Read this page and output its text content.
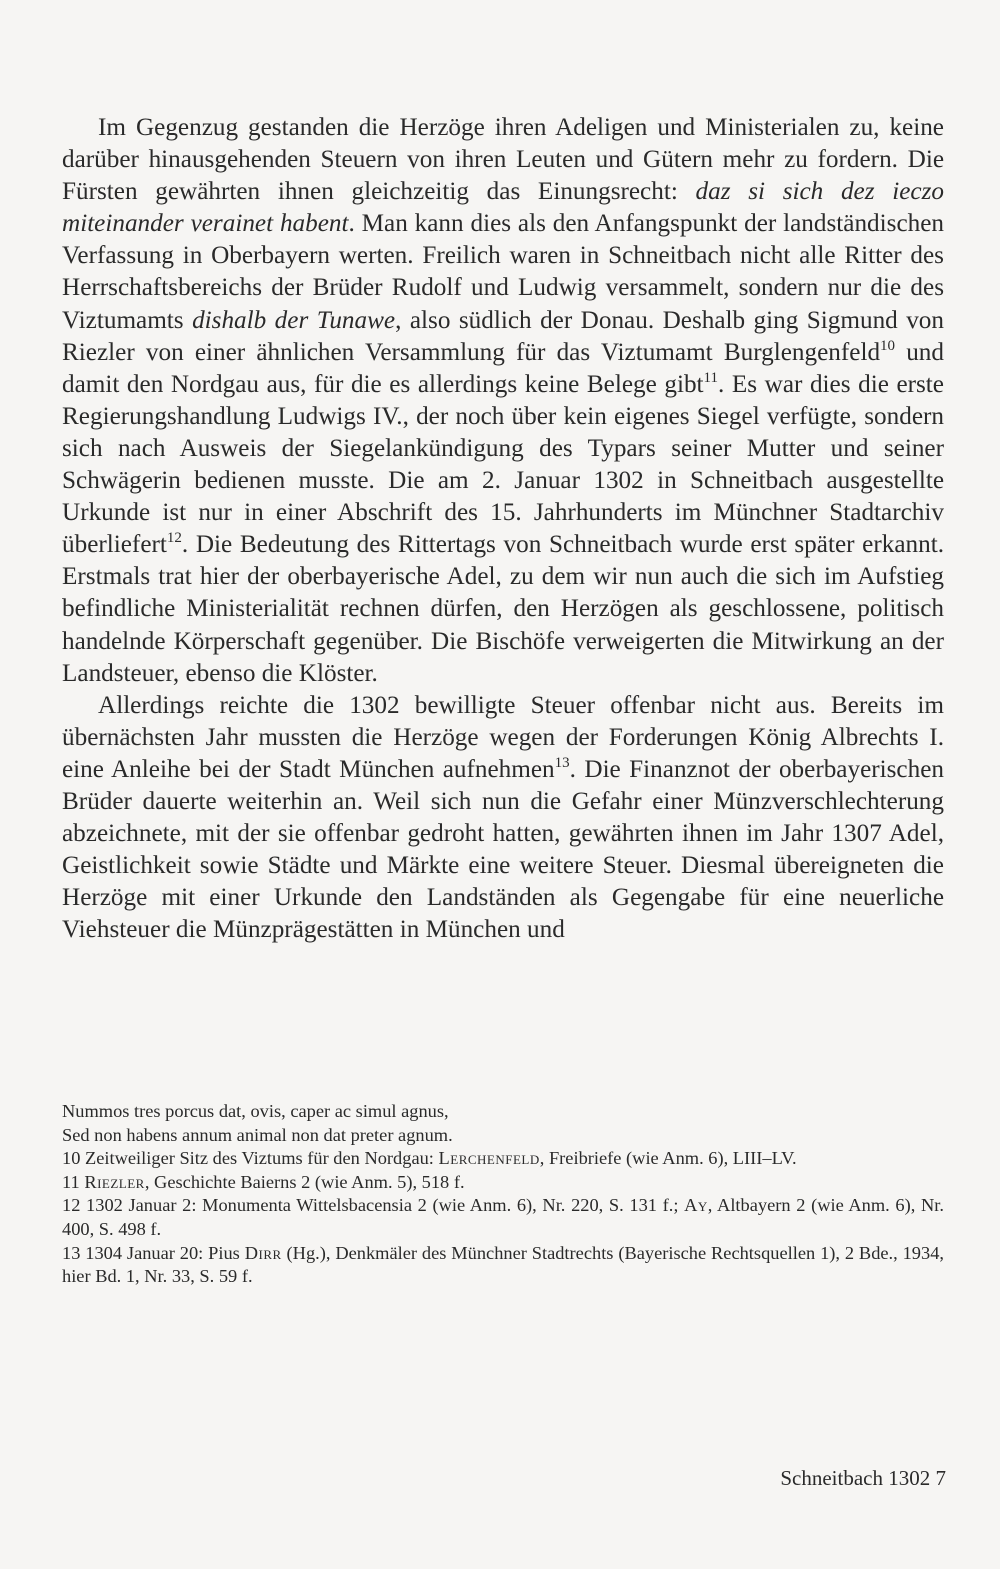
Im Gegenzug gestanden die Herzöge ihren Adeligen und Ministerialen zu, keine darüber hinausgehenden Steuern von ihren Leuten und Gütern mehr zu fordern. Die Fürsten gewährten ihnen gleichzeitig das Einungsrecht: daz si sich dez ieczo miteinander verainet habent. Man kann dies als den Anfangspunkt der landständischen Verfassung in Oberbayern werten. Freilich waren in Schneitbach nicht alle Ritter des Herrschaftsbereichs der Brüder Rudolf und Ludwig versammelt, sondern nur die des Viztumamts dishalb der Tunawe, also südlich der Donau. Deshalb ging Sigmund von Riezler von einer ähnlichen Versammlung für das Viztumamt Burglengenfeld$^{10}$ und damit den Nordgau aus, für die es allerdings keine Belege gibt$^{11}$. Es war dies die erste Regierungshandlung Ludwigs IV., der noch über kein eigenes Siegel verfügte, sondern sich nach Ausweis der Siegelankündigung des Typars seiner Mutter und seiner Schwägerin bedienen musste. Die am 2. Januar 1302 in Schneitbach ausgestellte Urkunde ist nur in einer Abschrift des 15. Jahrhunderts im Münchner Stadtarchiv überliefert$^{12}$. Die Bedeutung des Rittertags von Schneitbach wurde erst später erkannt. Erstmals trat hier der oberbayerische Adel, zu dem wir nun auch die sich im Aufstieg befindliche Ministerialität rechnen dürfen, den Herzögen als geschlossene, politisch handelnde Körperschaft gegenüber. Die Bischöfe verweigerten die Mitwirkung an der Landsteuer, ebenso die Klöster.

Allerdings reichte die 1302 bewilligte Steuer offenbar nicht aus. Bereits im übernächsten Jahr mussten die Herzöge wegen der Forderungen König Albrechts I. eine Anleihe bei der Stadt München aufnehmen$^{13}$. Die Finanznot der oberbayerischen Brüder dauerte weiterhin an. Weil sich nun die Gefahr einer Münzverschlechterung abzeichnete, mit der sie offenbar gedroht hatten, gewährten ihnen im Jahr 1307 Adel, Geistlichkeit sowie Städte und Märkte eine weitere Steuer. Diesmal übereigneten die Herzöge mit einer Urkunde den Landständen als Gegengabe für eine neuerliche Viehsteuer die Münzprägestätten in München und

Nummos tres porcus dat, ovis, caper ac simul agnus,

Sed non habens annum animal non dat preter agnum.

10 Zeitweiliger Sitz des Viztums für den Nordgau: Lerchenfeld, Freibriefe (wie Anm. 6), LIII–LV.

11 Riezler, Geschichte Baierns 2 (wie Anm. 5), 518 f.

12 1302 Januar 2: Monumenta Wittelsbacensia 2 (wie Anm. 6), Nr. 220, S. 131 f.; Ay, Altbayern 2 (wie Anm. 6), Nr. 400, S. 498 f.

13 1304 Januar 20: Pius Dirr (Hg.), Denkmäler des Münchner Stadtrechts (Bayerische Rechtsquellen 1), 2 Bde., 1934, hier Bd. 1, Nr. 33, S. 59 f.

Schneitbach 1302 7
